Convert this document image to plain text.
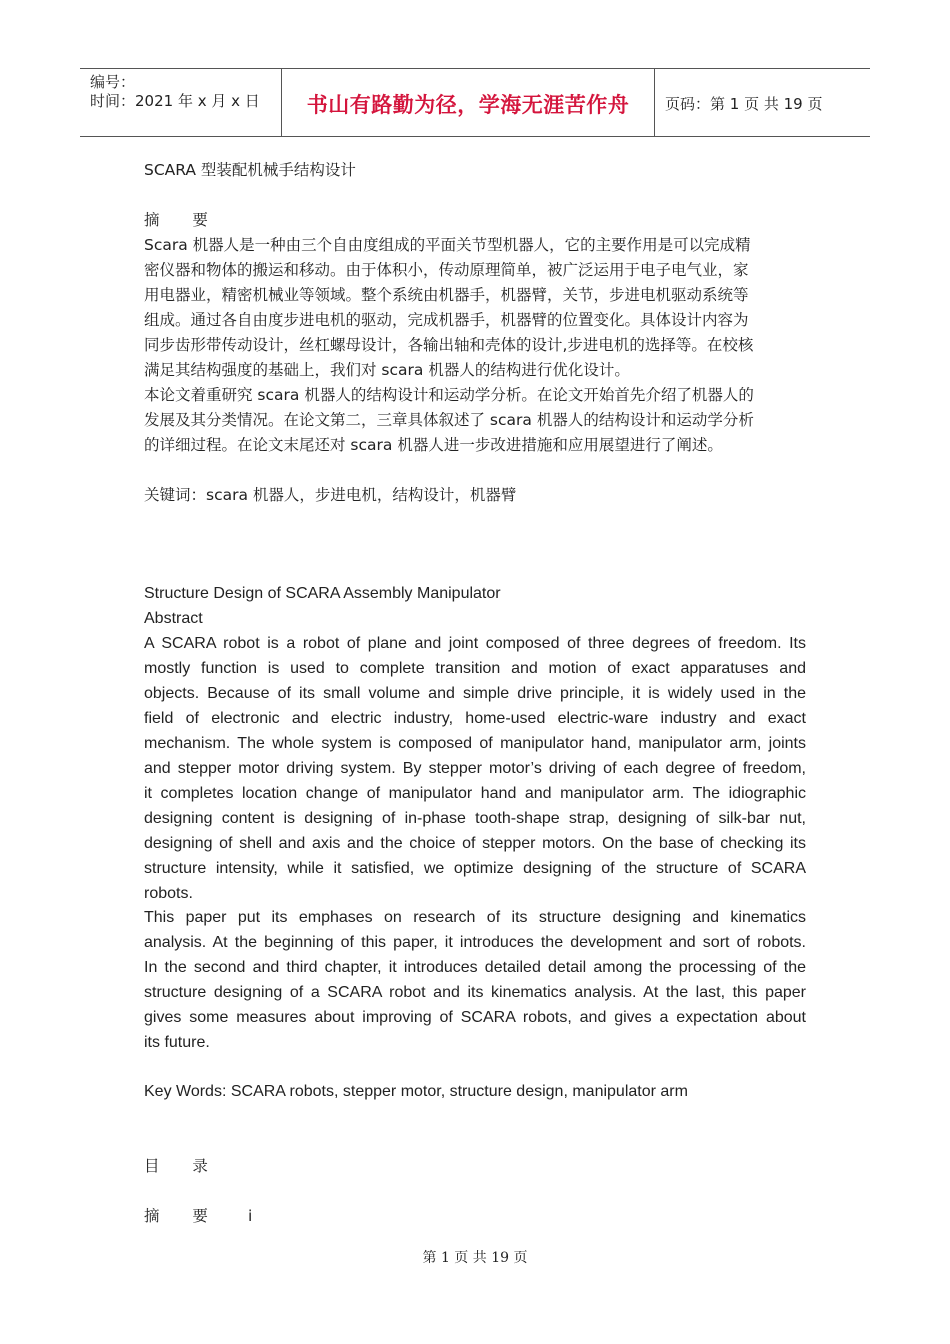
编号：
时间：2021 年 x 月 x 日	书山有路勤为径，学海无涯苦作舟	页码：第 1 页 共 19 页
SCARA 型装配机械手结构设计
摘 要
Scara 机器人是一种由三个自由度组成的平面关节型机器人，它的主要作用是可以完成精
密仪器和物体的搬运和移动。由于体积小，传动原理简单，被广泛运用于电子电气业，家
用电器业，精密机械业等领域。整个系统由机器手，机器臂，关节，步进电机驱动系统等
组成。通过各自由度步进电机的驱动，完成机器手，机器臂的位置变化。具体设计内容为
同步齿形带传动设计，丝杠螺母设计，各输出轴和壳体的设计,步进电机的选择等。在校核
满足其结构强度的基础上，我们对 scara 机器人的结构进行优化设计。
本论文着重研究 scara 机器人的结构设计和运动学分析。在论文开始首先介绍了机器人的
发展及其分类情况。在论文第二，三章具体叙述了 scara 机器人的结构设计和运动学分析
的详细过程。在论文末尾还对 scara 机器人进一步改进措施和应用展望进行了阐述。
关键词：scara 机器人，步进电机，结构设计，机器臂
Structure Design of SCARA Assembly Manipulator
Abstract
A SCARA robot is a robot of plane and joint composed of three degrees of freedom. Its
mostly function is used to complete transition and motion of exact apparatuses and
objects. Because of its small volume and simple drive principle, it is widely used in the
field of electronic and electric industry, home-used electric-ware industry and exact
mechanism. The whole system is composed of manipulator hand, manipulator arm, joints
and stepper motor driving system. By stepper motor’s driving of each degree of freedom,
it completes location change of manipulator hand and manipulator arm. The idiographic
designing content is designing of in-phase tooth-shape strap, designing of silk-bar nut,
designing of shell and axis and the choice of stepper motors. On the base of checking its
structure intensity, while it satisfied, we optimize designing of the structure of SCARA
robots.
This paper put its emphases on research of its structure designing and kinematics
analysis. At the beginning of this paper, it introduces the development and sort of robots.
In the second and third chapter, it introduces detailed detail among the processing of the
structure designing of a SCARA robot and its kinematics analysis. At the last, this paper
gives some measures about improving of SCARA robots, and gives a expectation about
its future.
Key Words: SCARA robots, stepper motor, structure design, manipulator arm
目 录
摘 要 i
第 1 页 共 19 页
